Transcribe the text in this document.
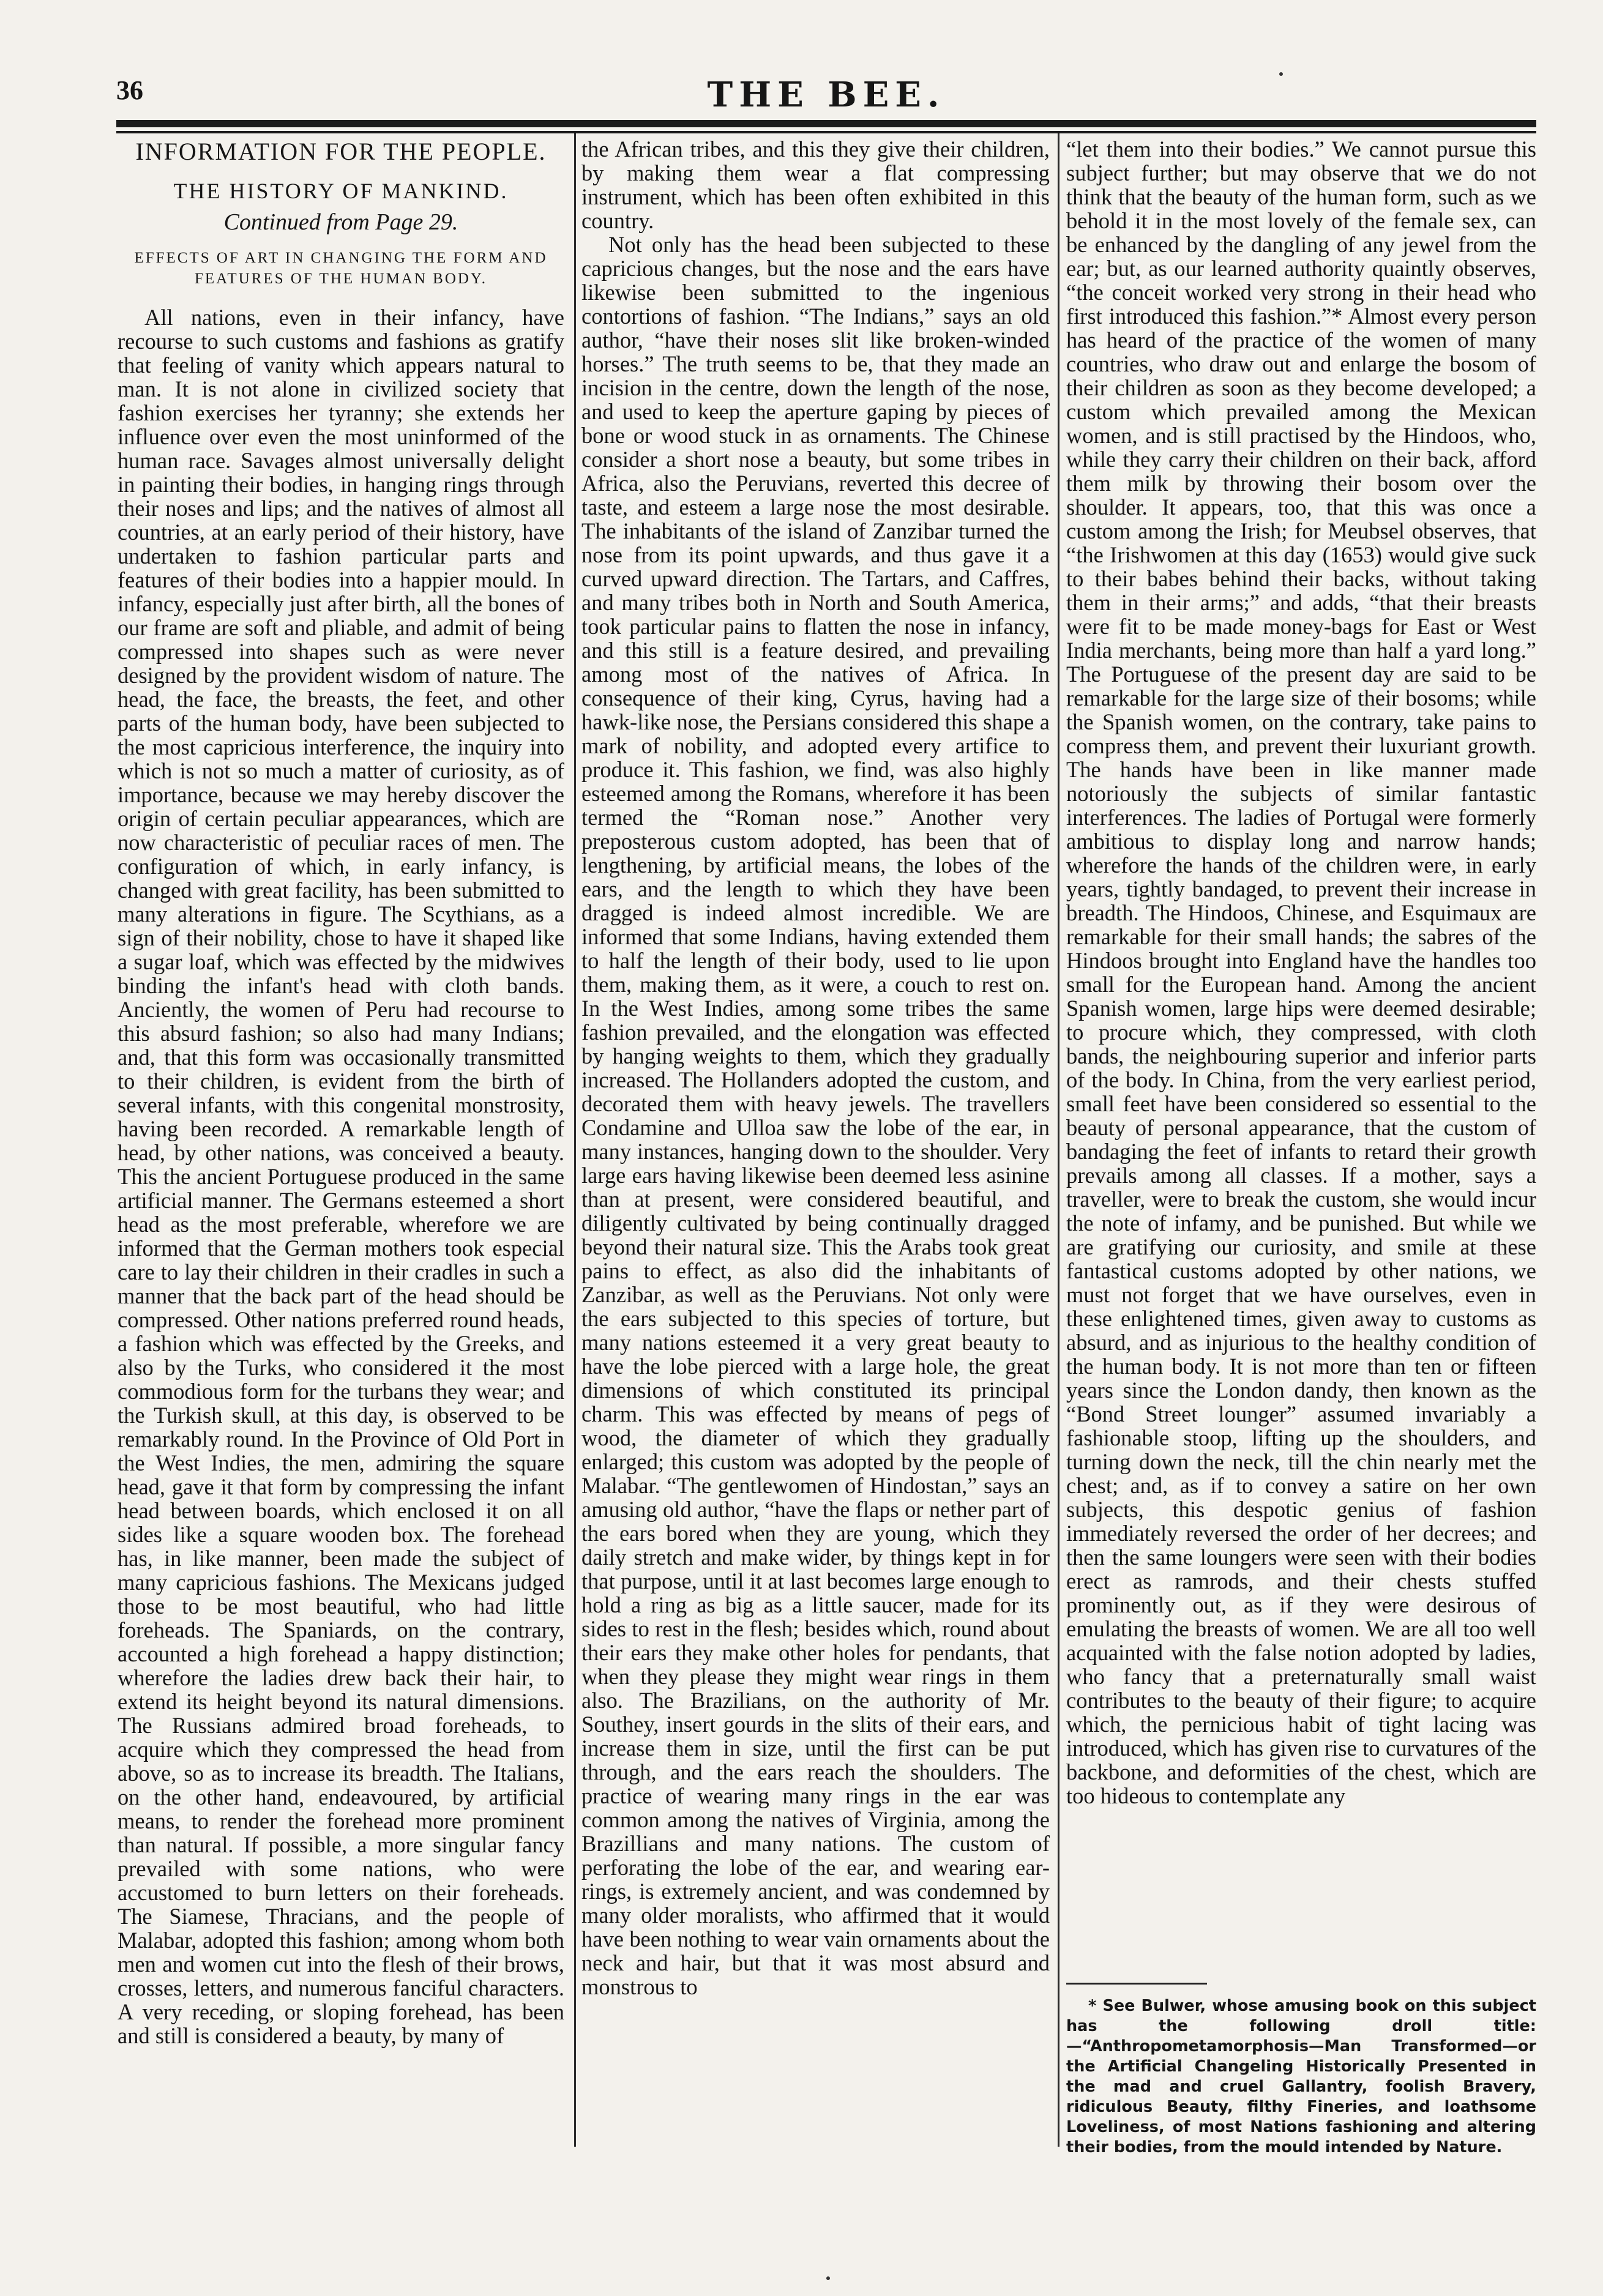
36	THE BEE.
INFORMATION FOR THE PEOPLE.
THE HISTORY OF MANKIND.
Continued from Page 29.
EFFECTS OF ART IN CHANGING THE FORM AND FEATURES OF THE HUMAN BODY.

All nations, even in their infancy, have recourse to such customs and fashions as gratify that feeling of vanity which appears natural to man. It is not alone in civilized society that fashion exercises her tyranny; she extends her influence over even the most uninformed of the human race. Savages almost universally delight in painting their bodies, in hanging rings through their noses and lips; and the natives of almost all countries, at an early period of their history, have undertaken to fashion particular parts and features of their bodies into a happier mould. In infancy, especially just after birth, all the bones of our frame are soft and pliable, and admit of being compressed into shapes such as were never designed by the provident wisdom of nature. The head, the face, the breasts, the feet, and other parts of the human body, have been subjected to the most capricious interference, the inquiry into which is not so much a matter of curiosity, as of importance, because we may hereby discover the origin of certain peculiar appearances, which are now characteristic of peculiar races of men. The configuration of which, in early infancy, is changed with great facility, has been submitted to many alterations in figure. The Scythians, as a sign of their nobility, chose to have it shaped like a sugar loaf, which was effected by the midwives binding the infant's head with cloth bands. Anciently, the women of Peru had recourse to this absurd fashion; so also had many Indians; and, that this form was occasionally transmitted to their children, is evident from the birth of several infants, with this congenital monstrosity, having been recorded. A remarkable length of head, by other nations, was conceived a beauty. This the ancient Portuguese produced in the same artificial manner. The Germans esteemed a short head as the most preferable, wherefore we are informed that the German mothers took especial care to lay their children in their cradles in such a manner that the back part of the head should be compressed. Other nations preferred round heads, a fashion which was effected by the Greeks, and also by the Turks, who considered it the most commodious form for the turbans they wear; and the Turkish skull, at this day, is observed to be remarkably round. In the Province of Old Port in the West Indies, the men, admiring the square head, gave it that form by compressing the infant head between boards, which enclosed it on all sides like a square wooden box. The forehead has, in like manner, been made the subject of many capricious fashions. The Mexicans judged those to be most beautiful, who had little foreheads. The Spaniards, on the contrary, accounted a high forehead a happy distinction; wherefore the ladies drew back their hair, to extend its height beyond its natural dimensions. The Russians admired broad foreheads, to acquire which they compressed the head from above, so as to increase its breadth. The Italians, on the other hand, endeavoured, by artificial means, to render the forehead more prominent than natural. If possible, a more singular fancy prevailed with some nations, who were accustomed to burn letters on their foreheads. The Siamese, Thracians, and the people of Malabar, adopted this fashion; among whom both men and women cut into the flesh of their brows, crosses, letters, and numerous fanciful characters. A very receding, or sloping forehead, has been and still is considered a beauty, by many of

the African tribes, and this they give their children, by making them wear a flat compressing instrument, which has been often exhibited in this country.

Not only has the head been subjected to these capricious changes, but the nose and the ears have likewise been submitted to the ingenious contortions of fashion. “The Indians,” says an old author, “have their noses slit like broken-winded horses.” The truth seems to be, that they made an incision in the centre, down the length of the nose, and used to keep the aperture gaping by pieces of bone or wood stuck in as ornaments. The Chinese consider a short nose a beauty, but some tribes in Africa, also the Peruvians, reverted this decree of taste, and esteem a large nose the most desirable. The inhabitants of the island of Zanzibar turned the nose from its point upwards, and thus gave it a curved upward direction. The Tartars, and Caffres, and many tribes both in North and South America, took particular pains to flatten the nose in infancy, and this still is a feature desired, and prevailing among most of the natives of Africa. In consequence of their king, Cyrus, having had a hawk-like nose, the Persians considered this shape a mark of nobility, and adopted every artifice to produce it. This fashion, we find, was also highly esteemed among the Romans, wherefore it has been termed the “Roman nose.” Another very preposterous custom adopted, has been that of lengthening, by artificial means, the lobes of the ears, and the length to which they have been dragged is indeed almost incredible. We are informed that some Indians, having extended them to half the length of their body, used to lie upon them, making them, as it were, a couch to rest on. In the West Indies, among some tribes the same fashion prevailed, and the elongation was effected by hanging weights to them, which they gradually increased. The Hollanders adopted the custom, and decorated them with heavy jewels. The travellers Condamine and Ulloa saw the lobe of the ear, in many instances, hanging down to the shoulder. Very large ears having likewise been deemed less asinine than at present, were considered beautiful, and diligently cultivated by being continually dragged beyond their natural size. This the Arabs took great pains to effect, as also did the inhabitants of Zanzibar, as well as the Peruvians. Not only were the ears subjected to this species of torture, but many nations esteemed it a very great beauty to have the lobe pierced with a large hole, the great dimensions of which constituted its principal charm. This was effected by means of pegs of wood, the diameter of which they gradually enlarged; this custom was adopted by the people of Malabar. “The gentlewomen of Hindostan,” says an amusing old author, “have the flaps or nether part of the ears bored when they are young, which they daily stretch and make wider, by things kept in for that purpose, until it at last becomes large enough to hold a ring as big as a little saucer, made for its sides to rest in the flesh; besides which, round about their ears they make other holes for pendants, that when they please they might wear rings in them also. The Brazilians, on the authority of Mr. Southey, insert gourds in the slits of their ears, and increase them in size, until the first can be put through, and the ears reach the shoulders. The practice of wearing many rings in the ear was common among the natives of Virginia, among the Brazillians and many nations. The custom of perforating the lobe of the ear, and wearing ear-rings, is extremely ancient, and was condemned by many older moralists, who affirmed that it would have been nothing to wear vain ornaments about the neck and hair, but that it was most absurd and monstrous to

“let them into their bodies.” We cannot pursue this subject further; but may observe that we do not think that the beauty of the human form, such as we behold it in the most lovely of the female sex, can be enhanced by the dangling of any jewel from the ear; but, as our learned authority quaintly observes, “the conceit worked very strong in their head who first introduced this fashion.”* Almost every person has heard of the practice of the women of many countries, who draw out and enlarge the bosom of their children as soon as they become developed; a custom which prevailed among the Mexican women, and is still practised by the Hindoos, who, while they carry their children on their back, afford them milk by throwing their bosom over the shoulder. It appears, too, that this was once a custom among the Irish; for Meubsel observes, that “the Irishwomen at this day (1653) would give suck to their babes behind their backs, without taking them in their arms;” and adds, “that their breasts were fit to be made money-bags for East or West India merchants, being more than half a yard long.” The Portuguese of the present day are said to be remarkable for the large size of their bosoms; while the Spanish women, on the contrary, take pains to compress them, and prevent their luxuriant growth. The hands have been in like manner made notoriously the subjects of similar fantastic interferences. The ladies of Portugal were formerly ambitious to display long and narrow hands; wherefore the hands of the children were, in early years, tightly bandaged, to prevent their increase in breadth. The Hindoos, Chinese, and Esquimaux are remarkable for their small hands; the sabres of the Hindoos brought into England have the handles too small for the European hand. Among the ancient Spanish women, large hips were deemed desirable; to procure which, they compressed, with cloth bands, the neighbouring superior and inferior parts of the body. In China, from the very earliest period, small feet have been considered so essential to the beauty of personal appearance, that the custom of bandaging the feet of infants to retard their growth prevails among all classes. If a mother, says a traveller, were to break the custom, she would incur the note of infamy, and be punished. But while we are gratifying our curiosity, and smile at these fantastical customs adopted by other nations, we must not forget that we have ourselves, even in these enlightened times, given away to customs as absurd, and as injurious to the healthy condition of the human body. It is not more than ten or fifteen years since the London dandy, then known as the “Bond Street lounger” assumed invariably a fashionable stoop, lifting up the shoulders, and turning down the neck, till the chin nearly met the chest; and, as if to convey a satire on her own subjects, this despotic genius of fashion immediately reversed the order of her decrees; and then the same loungers were seen with their bodies erect as ramrods, and their chests stuffed prominently out, as if they were desirous of emulating the breasts of women. We are all too well acquainted with the false notion adopted by ladies, who fancy that a preternaturally small waist contributes to the beauty of their figure; to acquire which, the pernicious habit of tight lacing was introduced, which has given rise to curvatures of the backbone, and deformities of the chest, which are too hideous to contemplate any

* See Bulwer, whose amusing book on this subject has the following droll title:—“Anthropometamorphosis—Man Transformed—or the Artificial Changeling Historically Presented in the mad and cruel Gallantry, foolish Bravery, ridiculous Beauty, filthy Fineries, and loathsome Loveliness, of most Nations fashioning and altering their bodies, from the mould intended by Nature.
